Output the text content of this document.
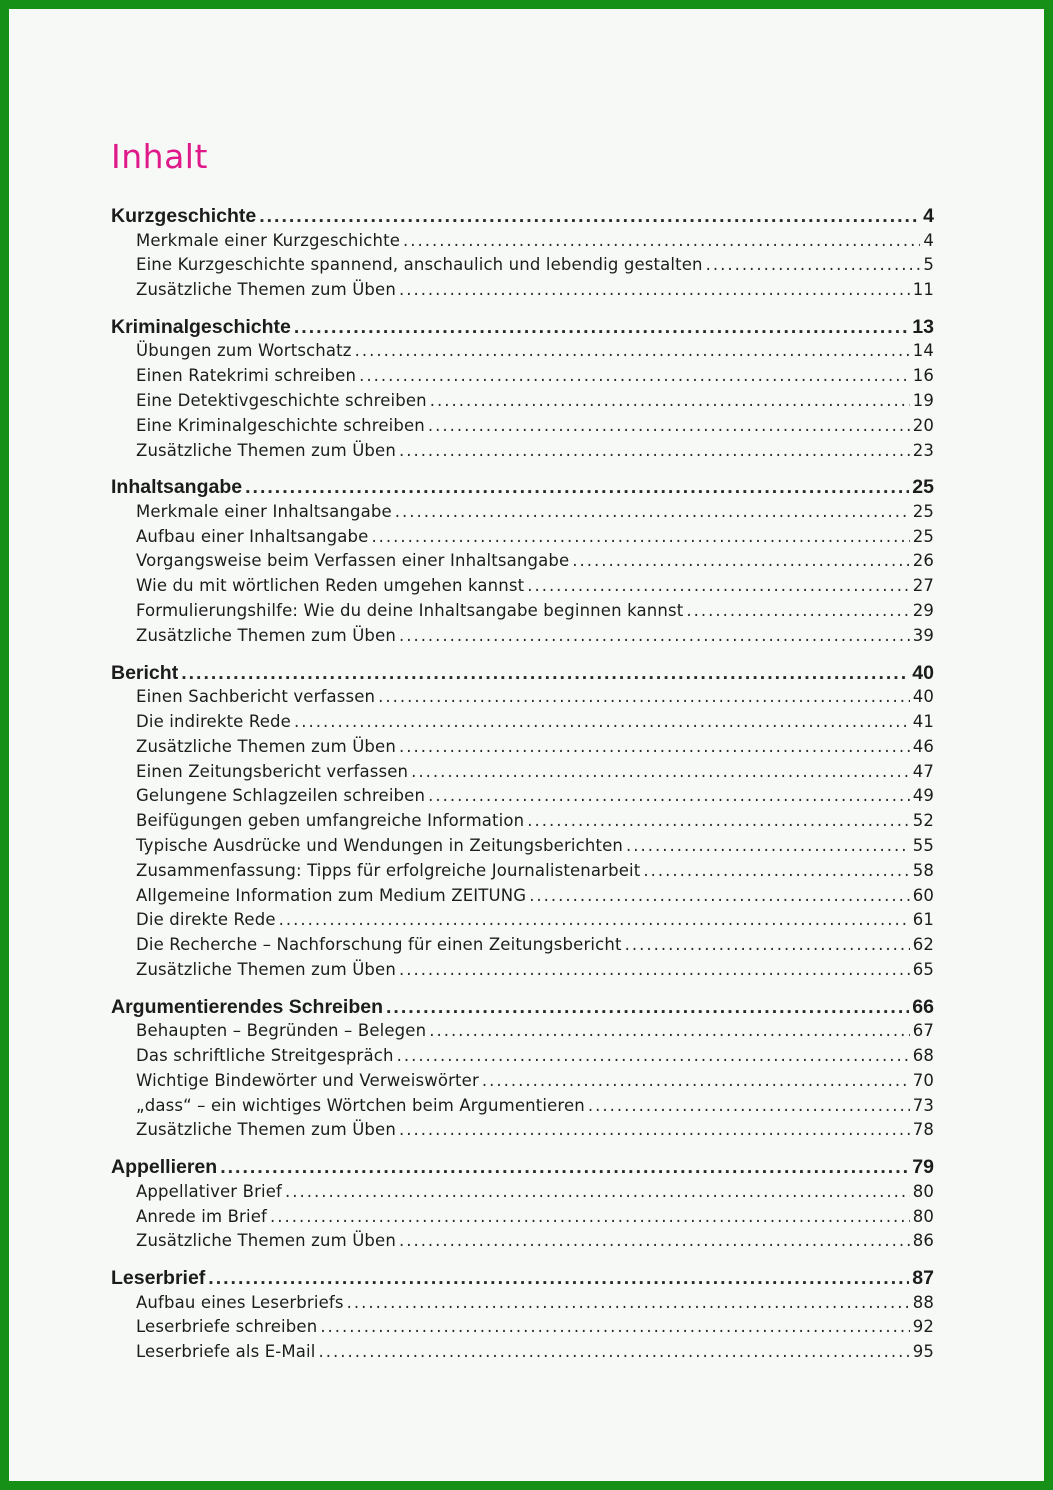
Inhalt
Kurzgeschichte .....	4
Merkmale einer Kurzgeschichte .....	4
Eine Kurzgeschichte spannend, anschaulich und lebendig gestalten .....	5
Zusätzliche Themen zum Üben .....	11
Kriminalgeschichte .....	13
Übungen zum Wortschatz .....	14
Einen Ratekrimi schreiben .....	16
Eine Detektivgeschichte schreiben .....	19
Eine Kriminalgeschichte schreiben .....	20
Zusätzliche Themen zum Üben .....	23
Inhaltsangabe .....	25
Merkmale einer Inhaltsangabe .....	25
Aufbau einer Inhaltsangabe .....	25
Vorgangsweise beim Verfassen einer Inhaltsangabe .....	26
Wie du mit wörtlichen Reden umgehen kannst .....	27
Formulierungshilfe: Wie du deine Inhaltsangabe beginnen kannst .....	29
Zusätzliche Themen zum Üben .....	39
Bericht .....	40
Einen Sachbericht verfassen .....	40
Die indirekte Rede .....	41
Zusätzliche Themen zum Üben .....	46
Einen Zeitungsbericht verfassen .....	47
Gelungene Schlagzeilen schreiben .....	49
Beifügungen geben umfangreiche Information .....	52
Typische Ausdrücke und Wendungen in Zeitungsberichten .....	55
Zusammenfassung: Tipps für erfolgreiche Journalistenarbeit .....	58
Allgemeine Information zum Medium ZEITUNG .....	60
Die direkte Rede .....	61
Die Recherche – Nachforschung für einen Zeitungsbericht .....	62
Zusätzliche Themen zum Üben .....	65
Argumentierendes Schreiben .....	66
Behaupten – Begründen – Belegen .....	67
Das schriftliche Streitgespräch .....	68
Wichtige Bindewörter und Verweiswörter .....	70
„dass“ – ein wichtiges Wörtchen beim Argumentieren .....	73
Zusätzliche Themen zum Üben .....	78
Appellieren .....	79
Appellativer Brief .....	80
Anrede im Brief .....	80
Zusätzliche Themen zum Üben .....	86
Leserbrief .....	87
Aufbau eines Leserbriefs .....	88
Leserbriefe schreiben .....	92
Leserbriefe als E-Mail .....	95
